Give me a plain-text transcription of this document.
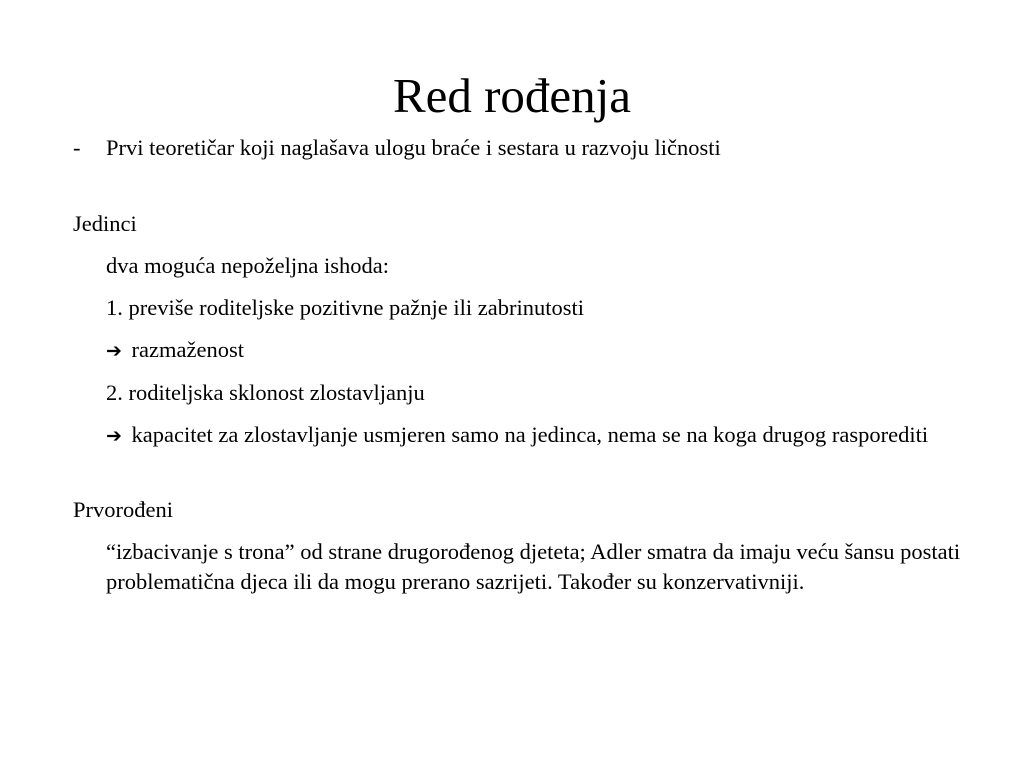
Red rođenja

-	Prvi teoretičar koji naglašava ulogu braće i sestara u razvoju ličnosti

Jedinci

dva moguća nepoželjna ishoda:

1. previše roditeljske pozitivne pažnje ili zabrinutosti

➔ razmaženost

2. roditeljska sklonost zlostavljanju

➔ kapacitet za zlostavljanje usmjeren samo na jedinca, nema se na koga drugog rasporediti

Prvorođeni

“izbacivanje s trona” od strane drugorođenog djeteta; Adler smatra da imaju veću šansu postati problematična djeca ili da mogu prerano sazrijeti. Također su konzervativniji.
